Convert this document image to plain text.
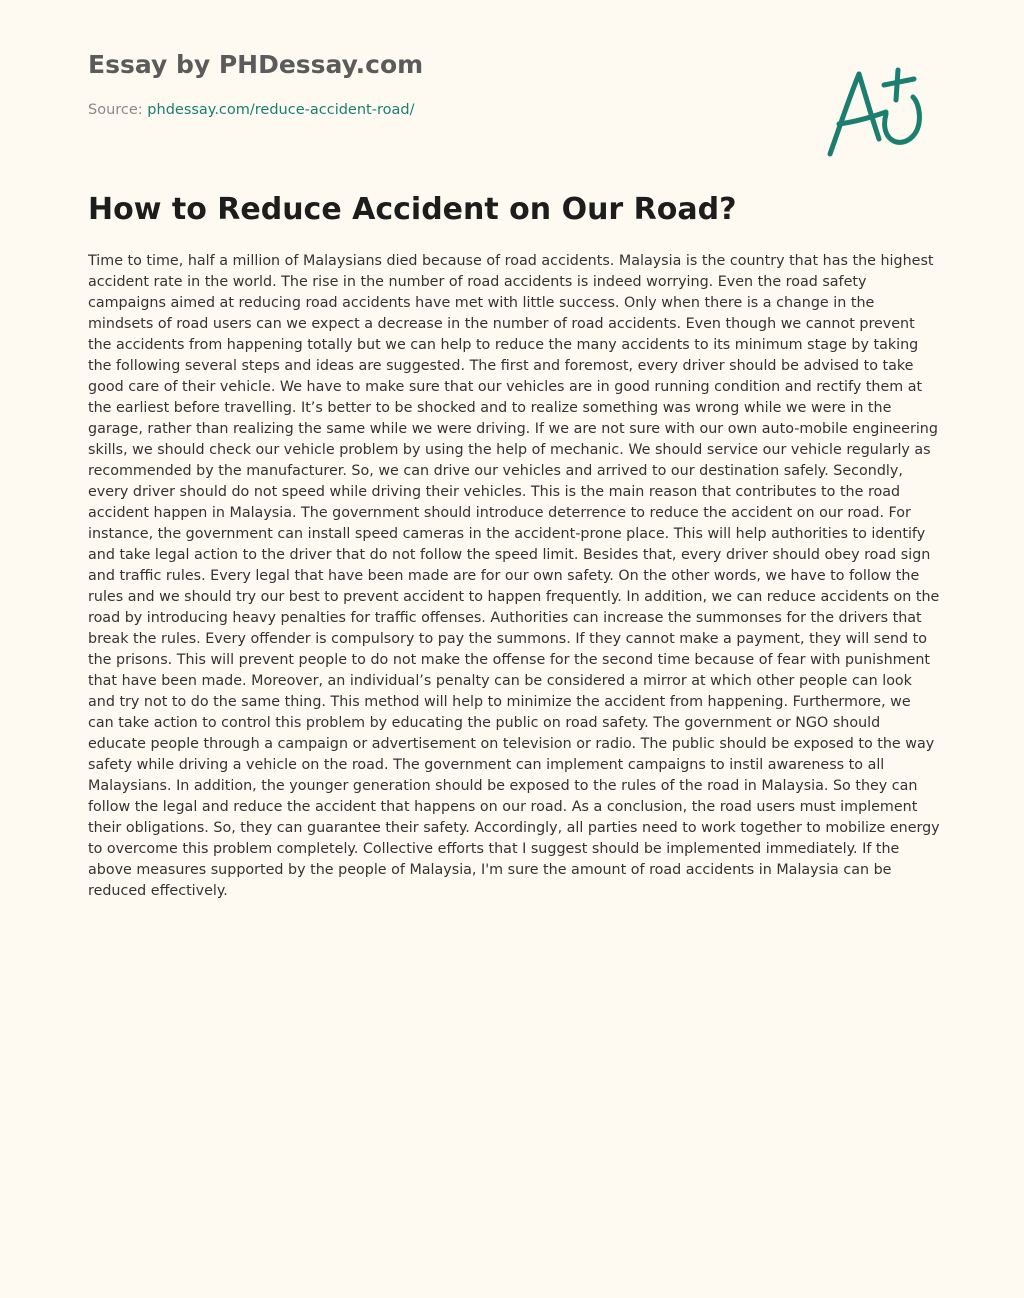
Essay by PHDessay.com
Source: phdessay.com/reduce-accident-road/
How to Reduce Accident on Our Road?

Time to time, half a million of Malaysians died because of road accidents. Malaysia is the country that has the highest accident rate in the world. The rise in the number of road accidents is indeed worrying. Even the road safety campaigns aimed at reducing road accidents have met with little success. Only when there is a change in the mindsets of road users can we expect a decrease in the number of road accidents. Even though we cannot prevent the accidents from happening totally but we can help to reduce the many accidents to its minimum stage by taking the following several steps and ideas are suggested. The first and foremost, every driver should be advised to take good care of their vehicle. We have to make sure that our vehicles are in good running condition and rectify them at the earliest before travelling. It’s better to be shocked and to realize something was wrong while we were in the garage, rather than realizing the same while we were driving. If we are not sure with our own auto-mobile engineering skills, we should check our vehicle problem by using the help of mechanic. We should service our vehicle regularly as recommended by the manufacturer. So, we can drive our vehicles and arrived to our destination safely. Secondly, every driver should do not speed while driving their vehicles. This is the main reason that contributes to the road accident happen in Malaysia. The government should introduce deterrence to reduce the accident on our road. For instance, the government can install speed cameras in the accident-prone place. This will help authorities to identify and take legal action to the driver that do not follow the speed limit. Besides that, every driver should obey road sign and traffic rules. Every legal that have been made are for our own safety. On the other words, we have to follow the rules and we should try our best to prevent accident to happen frequently. In addition, we can reduce accidents on the road by introducing heavy penalties for traffic offenses. Authorities can increase the summonses for the drivers that break the rules. Every offender is compulsory to pay the summons. If they cannot make a payment, they will send to the prisons. This will prevent people to do not make the offense for the second time because of fear with punishment that have been made. Moreover, an individual’s penalty can be considered a mirror at which other people can look and try not to do the same thing. This method will help to minimize the accident from happening. Furthermore, we can take action to control this problem by educating the public on road safety. The government or NGO should educate people through a campaign or advertisement on television or radio. The public should be exposed to the way safety while driving a vehicle on the road. The government can implement campaigns to instil awareness to all Malaysians. In addition, the younger generation should be exposed to the rules of the road in Malaysia. So they can follow the legal and reduce the accident that happens on our road. As a conclusion, the road users must implement their obligations. So, they can guarantee their safety. Accordingly, all parties need to work together to mobilize energy to overcome this problem completely. Collective efforts that I suggest should be implemented immediately. If the above measures supported by the people of Malaysia, I'm sure the amount of road accidents in Malaysia can be reduced effectively.
